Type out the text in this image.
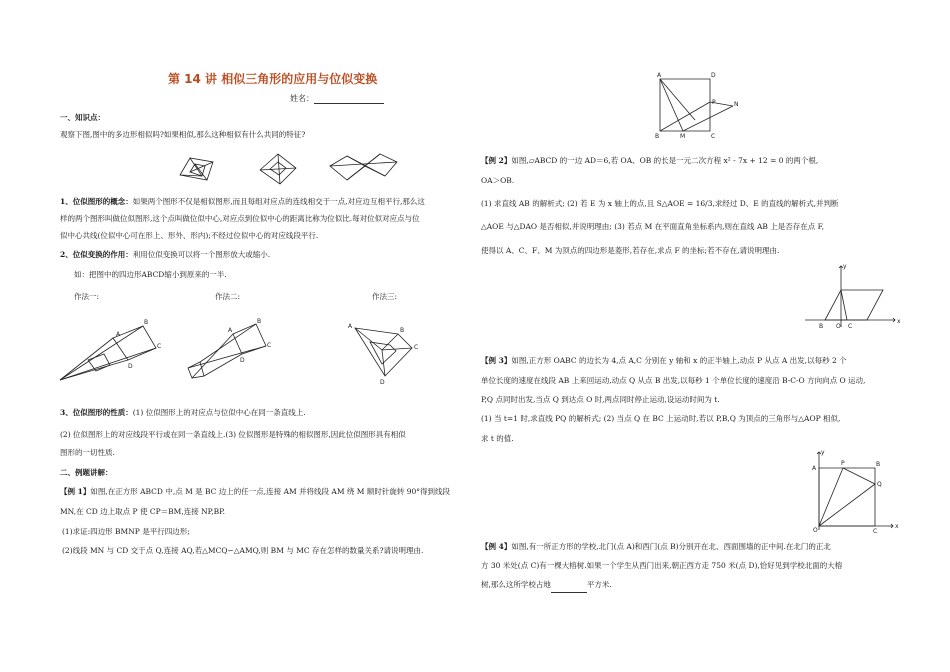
第 14 讲 相似三角形的应用与位似变换
姓名：
一、知识点：
观察下图,图中的多边形相似吗?如果相似,那么这种相似有什么共同的特征?
1、位似图形的概念：如果两个图形不仅是相似图形,而且每组对应点的连线相交于一点,对应边互相平行,那么这
样的两个图形叫做位似图形,这个点叫做位似中心,对应点到位似中心的距离比称为位似比.每对位似对应点与位
似中心共线(位似中心可在形上、形外、形内);不经过位似中心的对应线段平行.
2、位似变换的作用：利用位似变换可以将一个图形放大或缩小.
如：把图中的四边形ABCD缩小到原来的一半.
作法一:	作法二:	作法三:
A
B
C
D
A
B
C
D
A
B
C
D
3、位似图形的性质：(1) 位似图形上的对应点与位似中心在同一条直线上.
(2) 位似图形上的对应线段平行或在同一条直线上.(3) 位似图形是特殊的相似图形,因此位似图形具有相似
图形的一切性质.
二、例题讲解：
【例 1】如图,在正方形 ABCD 中,点 M 是 BC 边上的任一点,连接 AM 并将线段 AM 绕 M 顺时针旋转 90°得到线段
MN,在 CD 边上取点 P 使 CP＝BM,连接 NP,BP.
(1)求证:四边形 BMNP 是平行四边形;
(2)线段 MN 与 CD 交于点 Q,连接 AQ,若△MCQ∽△AMQ,则 BM 与 MC 存在怎样的数量关系?请说明理由.
A	D
P	N
B	M	C
【例 2】如图,▱ABCD 的一边 AD＝6,若 OA、OB 的长是一元二次方程 x² - 7x + 12 = 0 的两个根,
OA＞OB.
(1) 求直线 AB 的解析式; (2) 若 E 为 x 轴上的点,且 S△AOE = 16/3,求经过 D、E 的直线的解析式,并判断
△AOE 与△DAO 是否相似,并说明理由; (3) 若点 M 在平面直角坐标系内,则在直线 AB 上是否存在点 F,
使得以 A、C、F、M 为顶点的四边形是菱形,若存在,求点 F 的坐标;若不存在,请说明理由.
y
B O C
x
【例 3】如图,正方形 OABC 的边长为 4,点 A,C 分别在 y 轴和 x 的正半轴上,动点 P 从点 A 出发,以每秒 2 个
单位长度的速度在线段 AB 上来回运动,动点 Q 从点 B 出发,以每秒 1 个单位长度的速度沿 B-C-O 方向向点 O 运动,
P,Q 点同时出发,当点 Q 到达点 O 时,两点同时停止运动,设运动时间为 t.
(1) 当 t=1 时,求直线 PQ 的解析式; (2) 当点 Q 在 BC 上运动时,若以 P,B,Q 为顶点的三角形与△AOP 相似,
求 t 的值.
y
A
P	B
Q
O	C
x
【例 4】如图,有一所正方形的学校,北门(点 A)和西门(点 B)分别开在北、西面围墙的正中间.在北门的正北
方 30 米处(点 C)有一棵大榕树.如果一个学生从西门出来,朝正西方走 750 米(点 D),恰好见到学校北面的大榕
树,那么这所学校占地	平方米.
